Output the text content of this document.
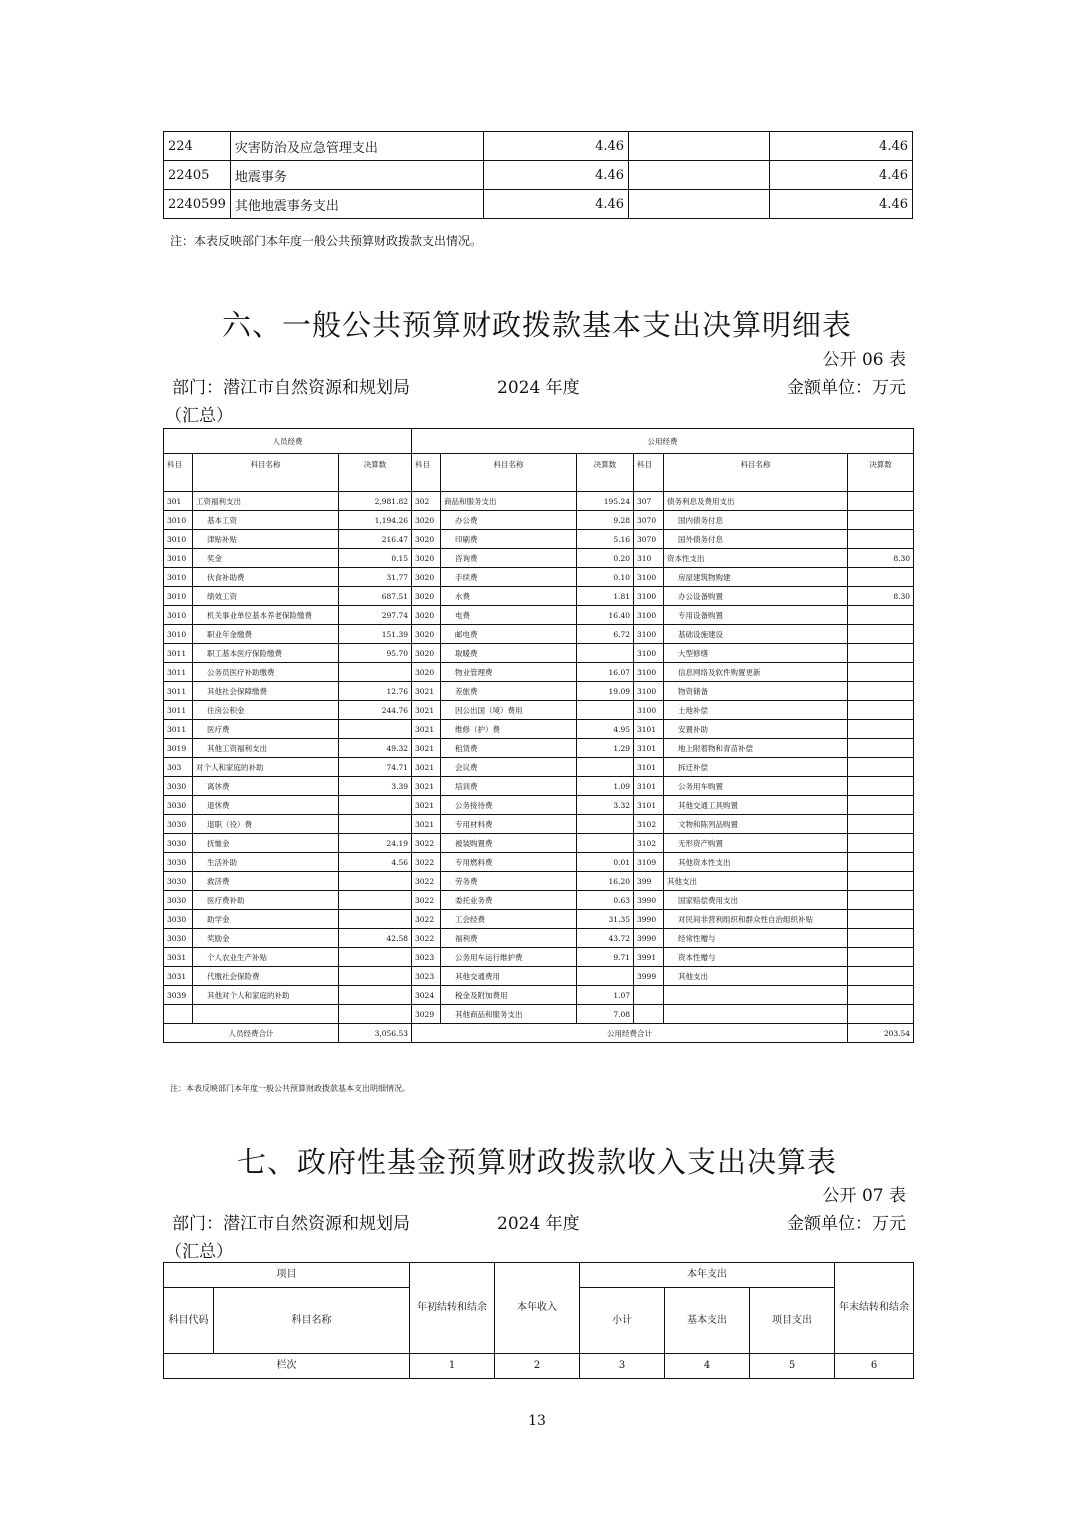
224	灾害防治及应急管理支出	4.46		4.46
22405	地震事务	4.46		4.46
2240599	其他地震事务支出	4.46		4.46
注：本表反映部门本年度一般公共预算财政拨款支出情况。
六、一般公共预算财政拨款基本支出决算明细表
公开 06 表
部门：潜江市自然资源和规划局	2024 年度	金额单位：万元
（汇总）
人员经费			公用经费					
科目	科目名称	决算数	科目	科目名称	决算数	科目	科目名称	决算数
301	工资福利支出	2,981.82	302	商品和服务支出	195.24	307	债务利息及费用支出	
3010	基本工资	1,194.26	3020	办公费	9.28	3070	国内债务付息	
3010	津贴补贴	216.47	3020	印刷费	5.16	3070	国外债务付息	
3010	奖金	0.15	3020	咨询费	0.20	310	资本性支出	8.30
3010	伙食补助费	31.77	3020	手续费	0.10	3100	房屋建筑物购建	
3010	绩效工资	687.51	3020	水费	1.81	3100	办公设备购置	8.30
3010	机关事业单位基本养老保险缴费	297.74	3020	电费	16.40	3100	专用设备购置	
3010	职业年金缴费	151.39	3020	邮电费	6.72	3100	基础设施建设	
3011	职工基本医疗保险缴费	95.70	3020	取暖费		3100	大型修缮	
3011	公务员医疗补助缴费		3020	物业管理费	16.07	3100	信息网络及软件购置更新	
3011	其他社会保障缴费	12.76	3021	差旅费	19.09	3100	物资储备	
3011	住房公积金	244.76	3021	因公出国（境）费用		3100	土地补偿	
3011	医疗费		3021	维修（护）费	4.95	3101	安置补助	
3019	其他工资福利支出	49.32	3021	租赁费	1.29	3101	地上附着物和青苗补偿	
303	对个人和家庭的补助	74.71	3021	会议费		3101	拆迁补偿	
3030	离休费	3.39	3021	培训费	1.09	3101	公务用车购置	
3030	退休费		3021	公务接待费	3.32	3101	其他交通工具购置	
3030	退职（役）费		3021	专用材料费		3102	文物和陈列品购置	
3030	抚恤金	24.19	3022	被装购置费		3102	无形资产购置	
3030	生活补助	4.56	3022	专用燃料费	0.01	3109	其他资本性支出	
3030	救济费		3022	劳务费	16.20	399	其他支出	
3030	医疗费补助		3022	委托业务费	0.63	3990	国家赔偿费用支出	
3030	助学金		3022	工会经费	31.35	3990	对民间非营利组织和群众性自治组织补贴	
3030	奖励金	42.58	3022	福利费	43.72	3990	经常性赠与	
3031	个人农业生产补贴		3023	公务用车运行维护费	9.71	3991	资本性赠与	
3031	代缴社会保险费		3023	其他交通费用		3999	其他支出	
3039	其他对个人和家庭的补助		3024	税金及附加费用	1.07			
			3029	其他商品和服务支出	7.08			
人员经费合计		3,056.53	公用经费合计					203.54
注：本表反映部门本年度一般公共预算财政拨款基本支出明细情况。
七、政府性基金预算财政拨款收入支出决算表
公开 07 表
部门：潜江市自然资源和规划局	2024 年度	金额单位：万元
（汇总）
项目		年初结转和结余	本年收入	本年支出			年末结转和结余
科目代码	科目名称			小计	基本支出	项目支出	
栏次		1	2	3	4	5	6
13
